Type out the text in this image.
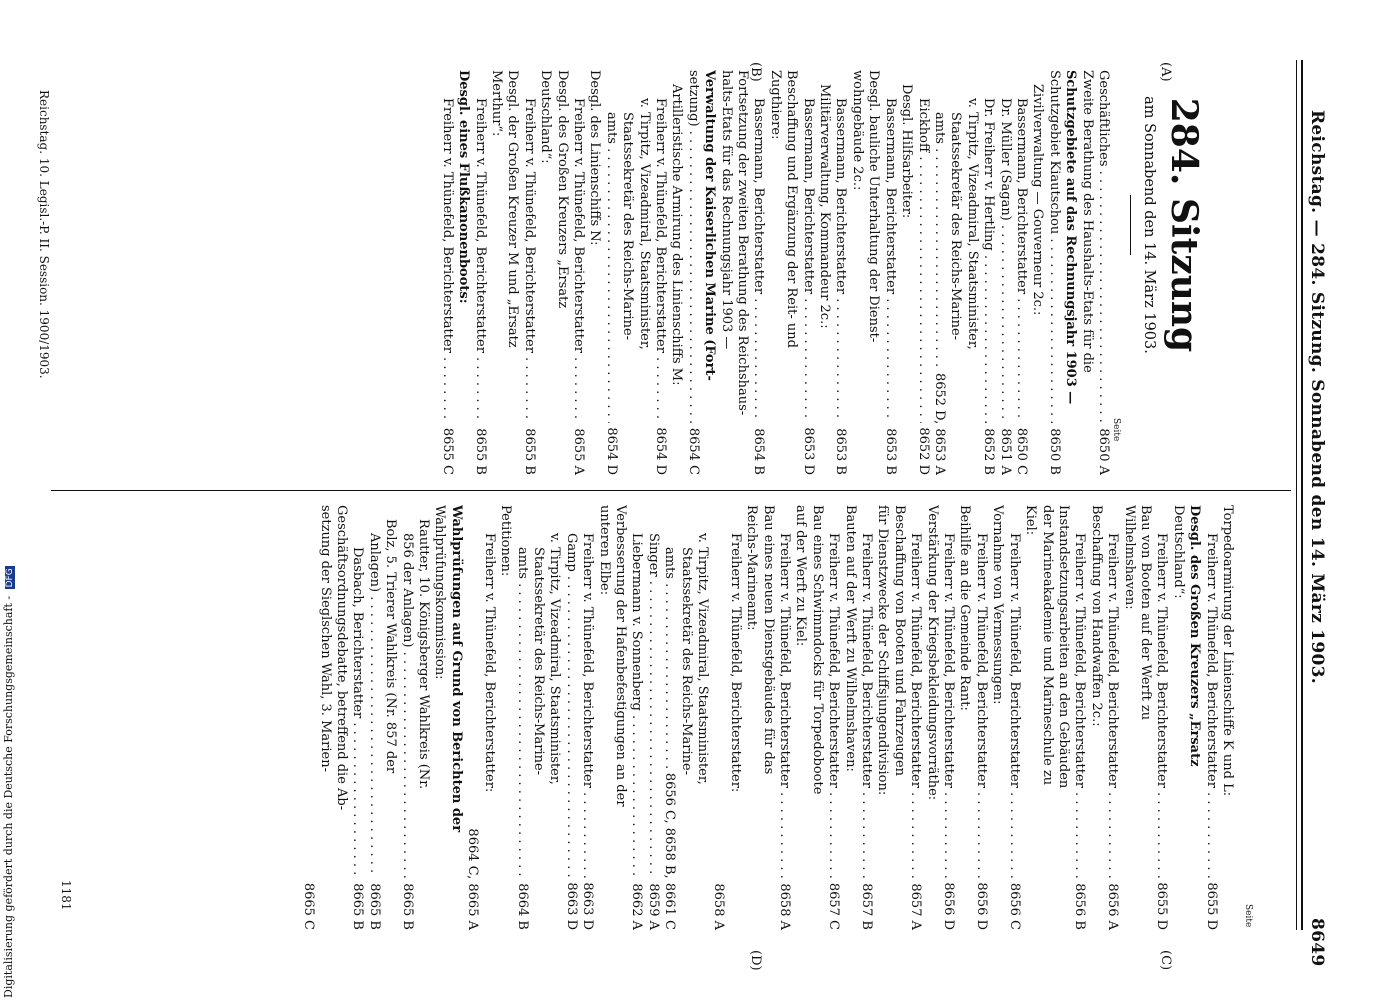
Reichstag. — 284. Sitzung. Sonnabend den 14. März 1903.
8649
(A)
(B)
(C)
(D)
284. Sitzung
am Sonnabend den 14. März 1903.
Seite
Seite
Geschäftliches . . .
8650 A
Zweite Berathung des Haushalts-Etats für die
Schutzgebiete auf das Rechnungsjahr 1903 —
Schutzgebiet Kiautschou . . .
8650 B
Zivilverwaltung — Gouverneur 2c.:
Bassermann, Berichterstatter . . .
8650 C
Dr. Müller (Sagan) . . .
8651 A
Dr. Freiherr v. Hertling . . .
8652 B
v. Tirpitz, Vizeadmiral, Staatsminister,
Staatssekretär des Reichs-Marine-
amts . . .
8652 D, 8653 A
Eickhoff . . .
8652 D
Desgl. Hilfsarbeiter:
Bassermann, Berichterstatter . . .
8653 B
Desgl. bauliche Unterhaltung der Dienst-
wohngebäude 2c.:
Bassermann, Berichterstatter . . .
8653 B
Militärverwaltung, Kommandeur 2c.:
Bassermann, Berichterstatter . . .
8653 D
Beschaffung und Ergänzung der Reit- und
Zugthiere:
Bassermann, Berichterstatter . . .
8654 B
Fortsetzung der zweiten Berathung des Reichshaus-
halts-Etats für das Rechnungsjahr 1903 —
Verwaltung der Kaiserlichen Marine (Fort-
setzung) . . .
8654 C
Artilleristische Armirung des Linienschiffs M:
Freiherr v. Thünefeld, Berichterstatter . . .
8654 D
v. Tirpitz, Vizeadmiral, Staatsminister,
Staatssekretär des Reichs-Marine-
amts . . .
8654 D
Desgl. des Linienschiffs N:
Freiherr v. Thünefeld, Berichterstatter . . .
8655 A
Desgl. des Großen Kreuzers „Ersatz
Deutschland“:
Freiherr v. Thünefeld, Berichterstatter . . .
8655 B
Desgl. der Großen Kreuzer M und „Ersatz
Merthur“:
Freiherr v. Thünefeld, Berichterstatter . . .
8655 B
Desgl. eines Flußkanonenboots:
Freiherr v. Thünefeld, Berichterstatter . . .
8655 C
Reichstag. 10. Legisl.-P. II. Session. 1900/1903.
Torpedoarmirung der Linienschiffe K und L:
Freiherr v. Thünefeld, Berichterstatter . . .
8655 D
Desgl. des Großen Kreuzers „Ersatz
Deutschland“:
Freiherr v. Thünefeld, Berichterstatter . . .
8655 D
Bau von Booten auf der Werft zu
Wilhelmshaven:
Freiherr v. Thünefeld, Berichterstatter . . .
8656 A
Beschaffung von Handwaffen 2c.:
Freiherr v. Thünefeld, Berichterstatter . . .
8656 B
Instandsetzungsarbeiten an den Gebäuden
der Marineakademie und Marineschule zu
Kiel:
Freiherr v. Thünefeld, Berichterstatter . . .
8656 C
Vornahme von Vermessungen:
Freiherr v. Thünefeld, Berichterstatter . . .
8656 D
Beihilfe an die Gemeinde Rant:
Freiherr v. Thünefeld, Berichterstatter . . .
8656 D
Verstärkung der Kriegsbekleidungsvorräthe:
Freiherr v. Thünefeld, Berichterstatter . . .
8657 A
Beschaffung von Booten und Fahrzeugen
für Dienstzwecke der Schiffsjungendivision:
Freiherr v. Thünefeld, Berichterstatter . . .
8657 B
Bauten auf der Werft zu Wilhelmshaven:
Freiherr v. Thünefeld, Berichterstatter . . .
8657 C
Bau eines Schwimmdocks für Torpedoboote
auf der Werft zu Kiel:
Freiherr v. Thünefeld, Berichterstatter . . .
8658 A
Bau eines neuen Dienstgebäudes für das
Reichs-Marineamt:
Freiherr v. Thünefeld, Berichterstatter:
8658 A
v. Tirpitz, Vizeadmiral, Staatsminister,
Staatssekretär des Reichs-Marine-
amts . . .
8656 C, 8658 B, 8661 C
Singer . . .
8659 A
Liebermann v. Sonnenberg . . .
8662 A
Verbesserung der Hafenbefestigungen an der
unteren Elbe:
Freiherr v. Thünefeld, Berichterstatter . . .
8663 D
Gamp . . .
8663 D
v. Tirpitz, Vizeadmiral, Staatsminister,
Staatssekretär des Reichs-Marine-
amts . . .
8664 B
Petitionen:
Freiherr v. Thünefeld, Berichterstatter:
8664 C, 8665 A
Wahlprüfungen auf Grund von Berichten der
Wahlprüfungskommission:
Rautter, 10. Königsberger Wahlkreis (Nr.
856 der Anlagen) . . .
8665 B
Bolz, 5. Trierer Wahlkreis (Nr. 857 der
Anlagen) . . .
8665 B
Dasbach, Berichterstatter . . .
8665 B
Geschäftsordnungsdebatte, betreffend die Ab-
setzung der Sieglschen Wahl, 3. Marien-
8665 C
1181
Digitalisierung gefördert durch die Deutsche Forschungsgemeinschaft - DFG
